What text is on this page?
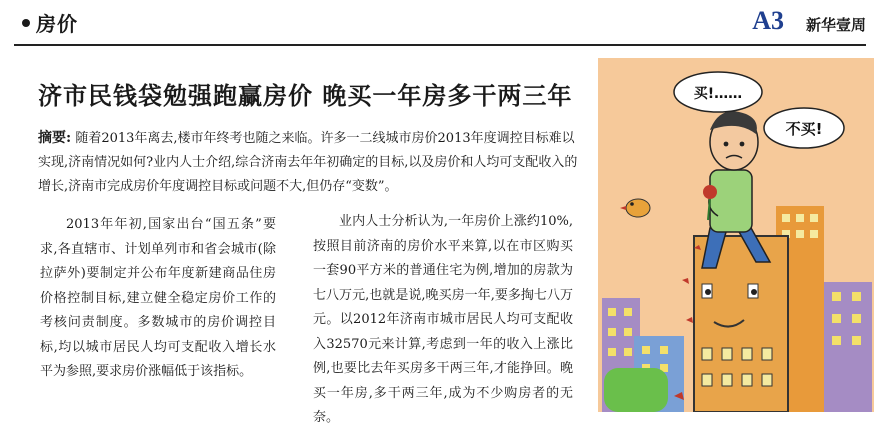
房价	A3 新华壹周
济市民钱袋勉强跑赢房价 晚买一年房多干两三年
摘要: 随着2013年离去,楼市年终考也随之来临。许多一二线城市房价2013年度调控目标难以实现,济南情况如何?业内人士介绍,综合济南去年年初确定的目标,以及房价和人均可支配收入的增长,济南市完成房价年度调控目标或问题不大,但仍存“变数”。
2013年年初,国家出台“国五条”要求,各直辖市、计划单列市和省会城市(除拉萨外)要制定并公布年度新建商品住房价格控制目标,建立健全稳定房价工作的考核问责制度。多数城市的房价调控目标,均以城市居民人均可支配收入增长水平为参照,要求房价涨幅低于该指标。
业内人士分析认为,一年房价上涨约10%,按照目前济南的房价水平来算,以在市区购买一套90平方米的普通住宅为例,增加的房款为七八万元,也就是说,晚买房一年,要多掏七八万元。以2012年济南市城市居民人均可支配收入32570元来计算,考虑到一年的收入上涨比例,也要比去年买房多干两三年,才能挣回。晚买一年房,多干两三年,成为不少购房者的无奈。
买!……
不买!
